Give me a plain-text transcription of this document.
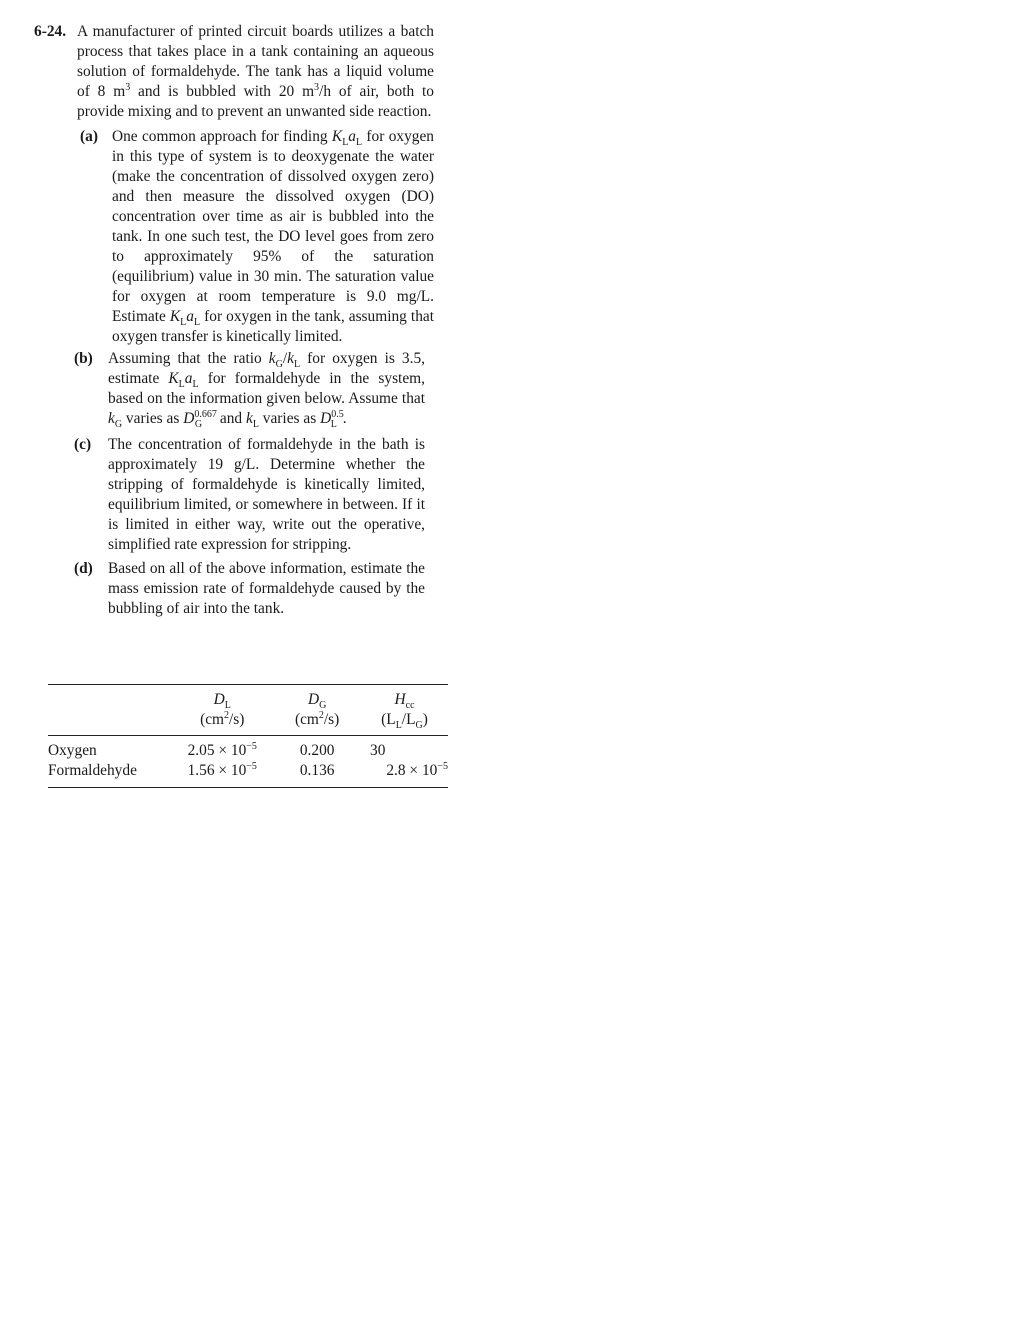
6-24. A manufacturer of printed circuit boards utilizes a batch process that takes place in a tank containing an aqueous solution of formaldehyde. The tank has a liquid volume of 8 $m^3$ and is bubbled with 20 $m^3/h$ of air, both to provide mixing and to prevent an unwanted side reaction.
(a) One common approach for finding $K_La_L$ for oxygen in this type of system is to deoxygenate the water (make the concentration of dissolved oxygen zero) and then measure the dissolved oxygen (DO) concentration over time as air is bubbled into the tank. In one such test, the DO level goes from zero to approximately 95% of the saturation (equilibrium) value in 30 min. The saturation value for oxygen at room temperature is 9.0 mg/L. Estimate $K_La_L$ for oxygen in the tank, assuming that oxygen transfer is kinetically limited.
(b) Assuming that the ratio $k_G/k_L$ for oxygen is 3.5, estimate $K_La_L$ for formaldehyde in the system, based on the information given below. Assume that $k_G$ varies as $D^{0.667}_G$ and $k_L$ varies as $D^{0.5}_L$ .
(c) The concentration of formaldehyde in the bath is approximately 19 g/L. Determine whether the stripping of formaldehyde is kinetically limited, equilibrium limited, or somewhere in between. If it is limited in either way, write out the operative, simplified rate expression for stripping.
(d) Based on all of the above information, estimate the mass emission rate of formaldehyde caused by the bubbling of air into the tank.
	$D_L$	$D_G$	$H_{cc}$
	$(cm^2/s)$	$(cm^2/s)$	$(L_L/L_G)$
Oxygen	$2.05 \times 10^{-5}$	0.200	30
Formaldehyde	$1.56 \times 10^{-5}$	0.136	$2.8 \times 10^{-5}$
